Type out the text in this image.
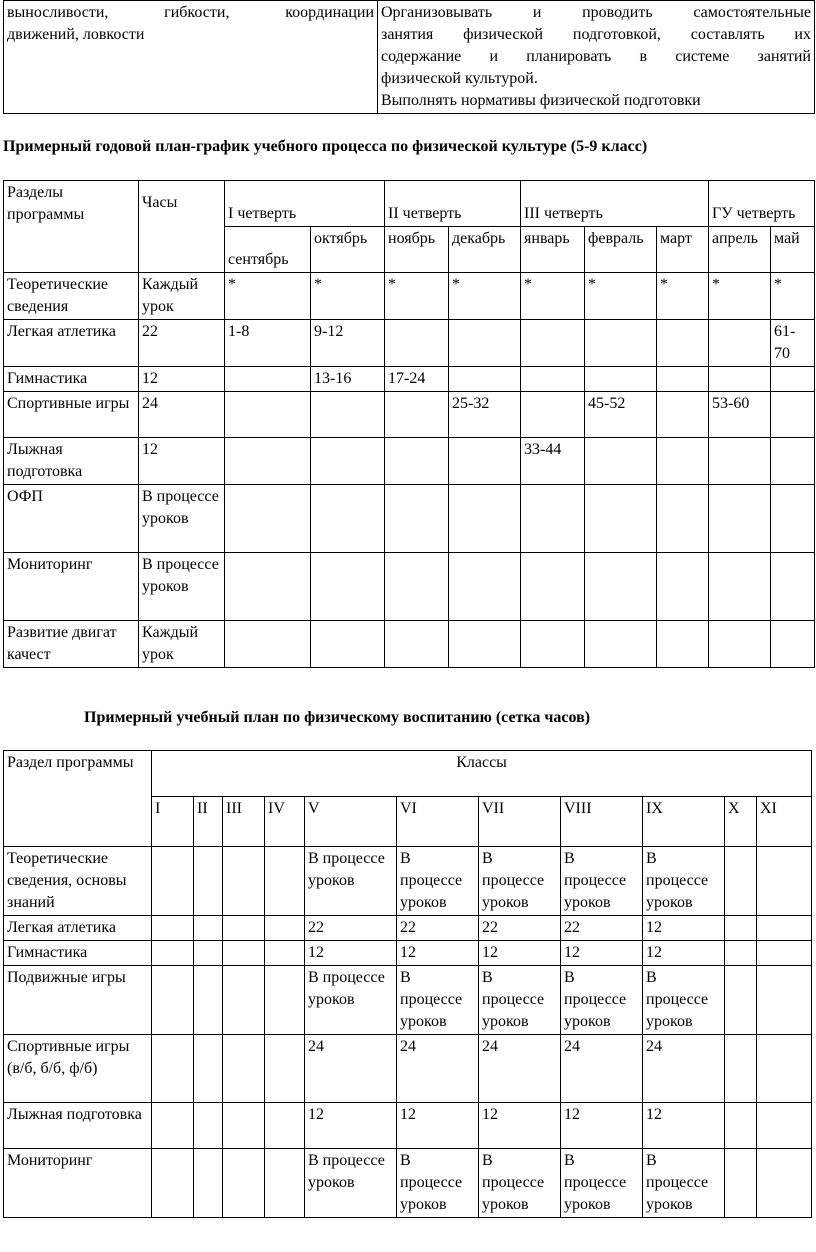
выносливости, гибкости, координации
движений, ловкости

Организовывать и проводить самостоятельные
занятия физической подготовкой, составлять их
содержание и планировать в системе занятий
физической культурой.
Выполнять нормативы физической подготовки
Примерный годовой план-график учебного процесса по физической культуре (5-9 класс)
Разделы программы	Часы	I четверть		II четверть		III четверть			ГУ четверть	
		сентябрь	октябрь	ноябрь	декабрь	январь	февраль	март	апрель	май
Теоретические сведения	Каждый урок	*	*	*	*	*	*	*	*	*
Легкая атлетика	22	1-8	9-12							61-70
Гимнастика	12		13-16	17-24						
Спортивные игры	24				25-32		45-52		53-60	
Лыжная подготовка	12					33-44				
ОФП	В процессе уроков									
Мониторинг	В процессе уроков									
Развитие двигат качест	Каждый урок									
Примерный учебный план по физическому воспитанию (сетка часов)
Раздел программы	Классы										
	I	II	III	IV	V	VI	VII	VIII	IX	X	XI
Теоретические сведения, основы знаний					В процессе уроков	В процессе уроков	В процессе уроков	В процессе уроков	В процессе уроков		
Легкая атлетика					22	22	22	22	12		
Гимнастика					12	12	12	12	12		
Подвижные игры					В процессе уроков	В процессе уроков	В процессе уроков	В процессе уроков	В процессе уроков		
Спортивные игры (в/б, б/б, ф/б)					24	24	24	24	24		
Лыжная подготовка					12	12	12	12	12		
Мониторинг					В процессе уроков	В процессе уроков	В процессе уроков	В процессе уроков	В процессе уроков		
